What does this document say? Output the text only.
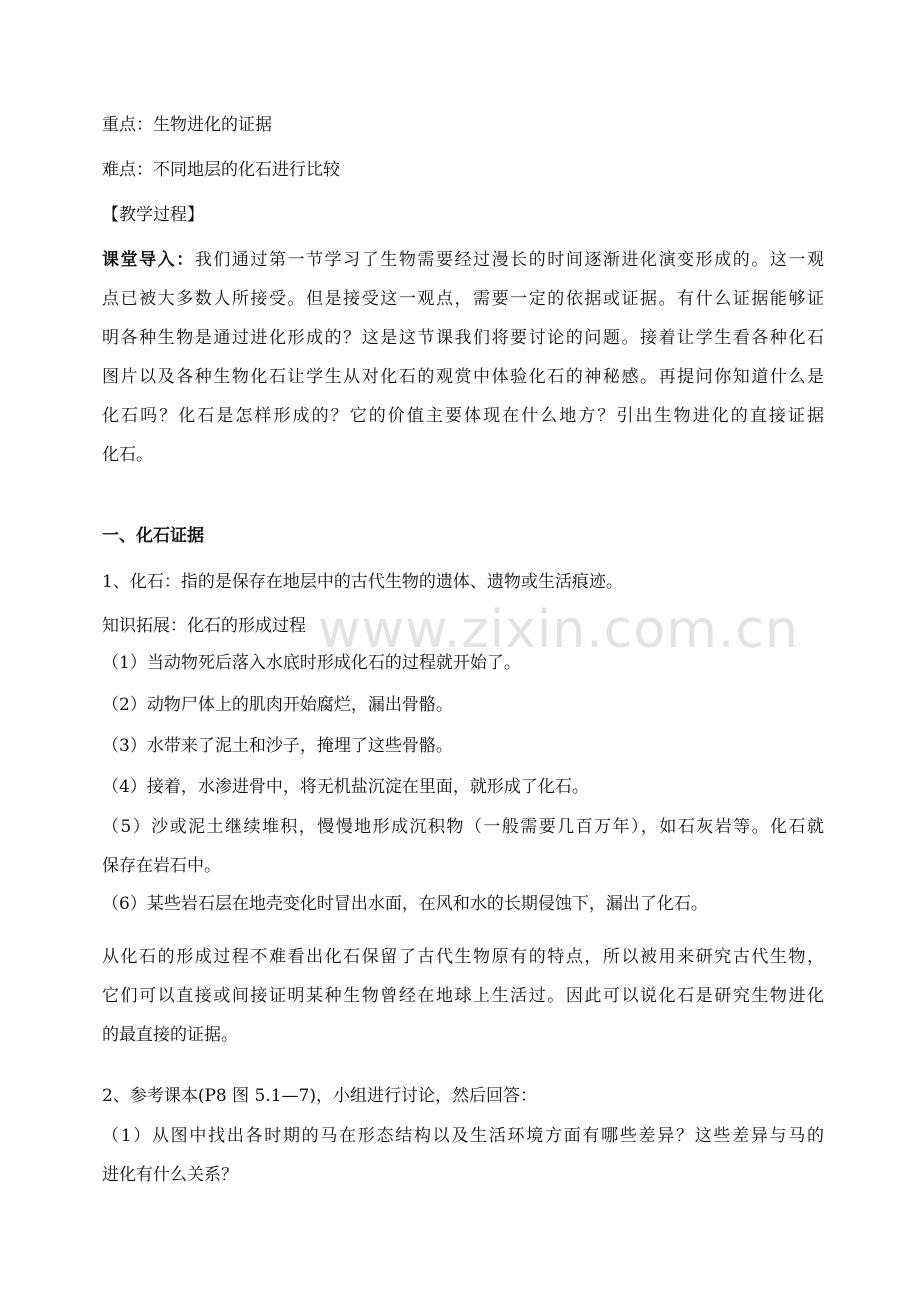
www.zixin.com.cn
重点：生物进化的证据
难点：不同地层的化石进行比较
【教学过程】
课堂导入：我们通过第一节学习了生物需要经过漫长的时间逐渐进化演变形成的。这一观
点已被大多数人所接受。但是接受这一观点，需要一定的依据或证据。有什么证据能够证
明各种生物是通过进化形成的？这是这节课我们将要讨论的问题。接着让学生看各种化石
图片以及各种生物化石让学生从对化石的观赏中体验化石的神秘感。再提问你知道什么是
化石吗？化石是怎样形成的？它的价值主要体现在什么地方？引出生物进化的直接证据
化石。
一、化石证据
1、化石：指的是保存在地层中的古代生物的遗体、遗物或生活痕迹。
知识拓展：化石的形成过程
（1）当动物死后落入水底时形成化石的过程就开始了。
（2）动物尸体上的肌肉开始腐烂，漏出骨骼。
（3）水带来了泥土和沙子，掩埋了这些骨骼。
（4）接着，水渗进骨中，将无机盐沉淀在里面，就形成了化石。
（5）沙或泥土继续堆积，慢慢地形成沉积物（一般需要几百万年），如石灰岩等。化石就
保存在岩石中。
（6）某些岩石层在地壳变化时冒出水面，在风和水的长期侵蚀下，漏出了化石。
从化石的形成过程不难看出化石保留了古代生物原有的特点，所以被用来研究古代生物，
它们可以直接或间接证明某种生物曾经在地球上生活过。因此可以说化石是研究生物进化
的最直接的证据。
2、参考课本(P8 图 5.1—7)，小组进行讨论，然后回答：
（1）从图中找出各时期的马在形态结构以及生活环境方面有哪些差异？这些差异与马的
进化有什么关系？
